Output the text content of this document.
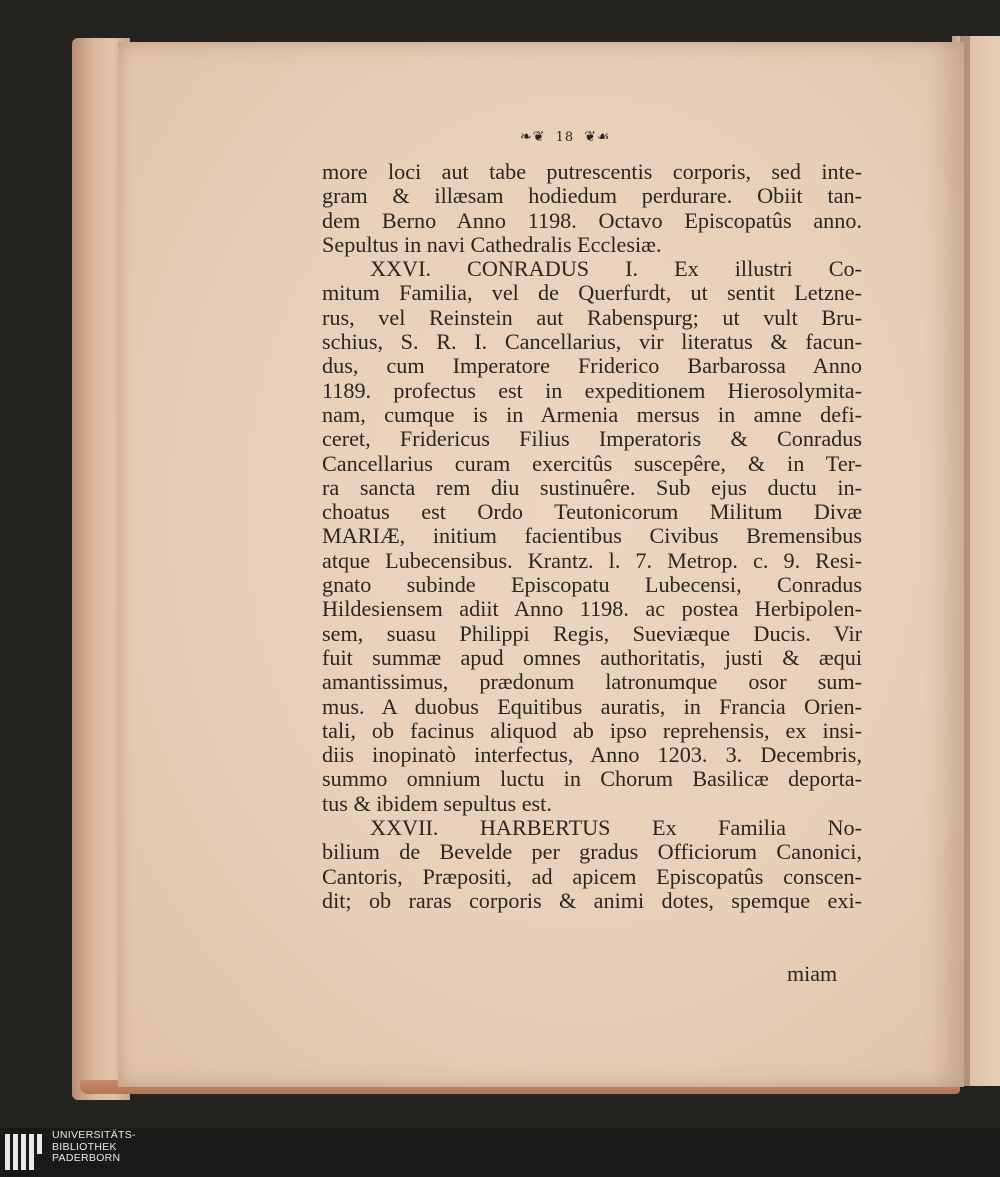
❧❦ 18 ❦☙
more loci aut tabe putrescentis corporis, sed inte-
gram & illæsam hodiedum perdurare. Obiit tan-
dem Berno Anno 1198. Octavo Episcopatûs anno.
Sepultus in navi Cathedralis Ecclesiæ.
XXVI. CONRADUS I. Ex illustri Co-
mitum Familia, vel de Querfurdt, ut sentit Letzne-
rus, vel Reinstein aut Rabenspurg; ut vult Bru-
schius, S. R. I. Cancellarius, vir literatus & facun-
dus, cum Imperatore Friderico Barbarossa Anno
1189. profectus est in expeditionem Hierosolymita-
nam, cumque is in Armenia mersus in amne defi-
ceret, Fridericus Filius Imperatoris & Conradus
Cancellarius curam exercitûs suscepêre, & in Ter-
ra sancta rem diu sustinuêre. Sub ejus ductu in-
choatus est Ordo Teutonicorum Militum Divæ
MARIÆ, initium facientibus Civibus Bremensibus
atque Lubecensibus. Krantz. l. 7. Metrop. c. 9. Resi-
gnato subinde Episcopatu Lubecensi, Conradus
Hildesiensem adiit Anno 1198. ac postea Herbipolen-
sem, suasu Philippi Regis, Sueviæque Ducis. Vir
fuit summæ apud omnes authoritatis, justi & æqui
amantissimus, prædonum latronumque osor sum-
mus. A duobus Equitibus auratis, in Francia Orien-
tali, ob facinus aliquod ab ipso reprehensis, ex insi-
diis inopinatò interfectus, Anno 1203. 3. Decembris,
summo omnium luctu in Chorum Basilicæ deporta-
tus & ibidem sepultus est.
XXVII. HARBERTUS Ex Familia No-
bilium de Bevelde per gradus Officiorum Canonici,
Cantoris, Præpositi, ad apicem Episcopatûs conscen-
dit; ob raras corporis & animi dotes, spemque exi-
miam
UNIVERSITÄTS-
BIBLIOTHEK
PADERBORN
